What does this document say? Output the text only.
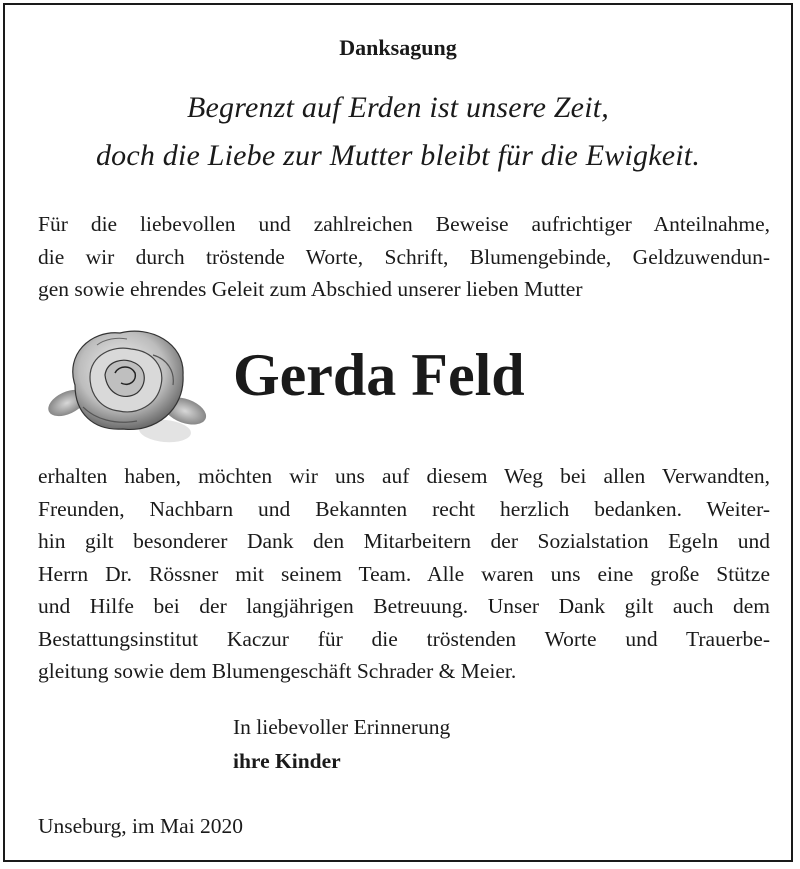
Danksagung
Begrenzt auf Erden ist unsere Zeit,
doch die Liebe zur Mutter bleibt für die Ewigkeit.

Für die liebevollen und zahlreichen Beweise aufrichtiger Anteilnahme,
die wir durch tröstende Worte, Schrift, Blumengebinde, Geldzuwendun-
gen sowie ehrendes Geleit zum Abschied unserer lieben Mutter

Gerda Feld

erhalten haben, möchten wir uns auf diesem Weg bei allen Verwandten,
Freunden, Nachbarn und Bekannten recht herzlich bedanken. Weiter-
hin gilt besonderer Dank den Mitarbeitern der Sozialstation Egeln und
Herrn Dr. Rössner mit seinem Team. Alle waren uns eine große Stütze
und Hilfe bei der langjährigen Betreuung. Unser Dank gilt auch dem
Bestattungsinstitut Kaczur für die tröstenden Worte und Trauerbe-
gleitung sowie dem Blumengeschäft Schrader & Meier.

In liebevoller Erinnerung
ihre Kinder
Unseburg, im Mai 2020
